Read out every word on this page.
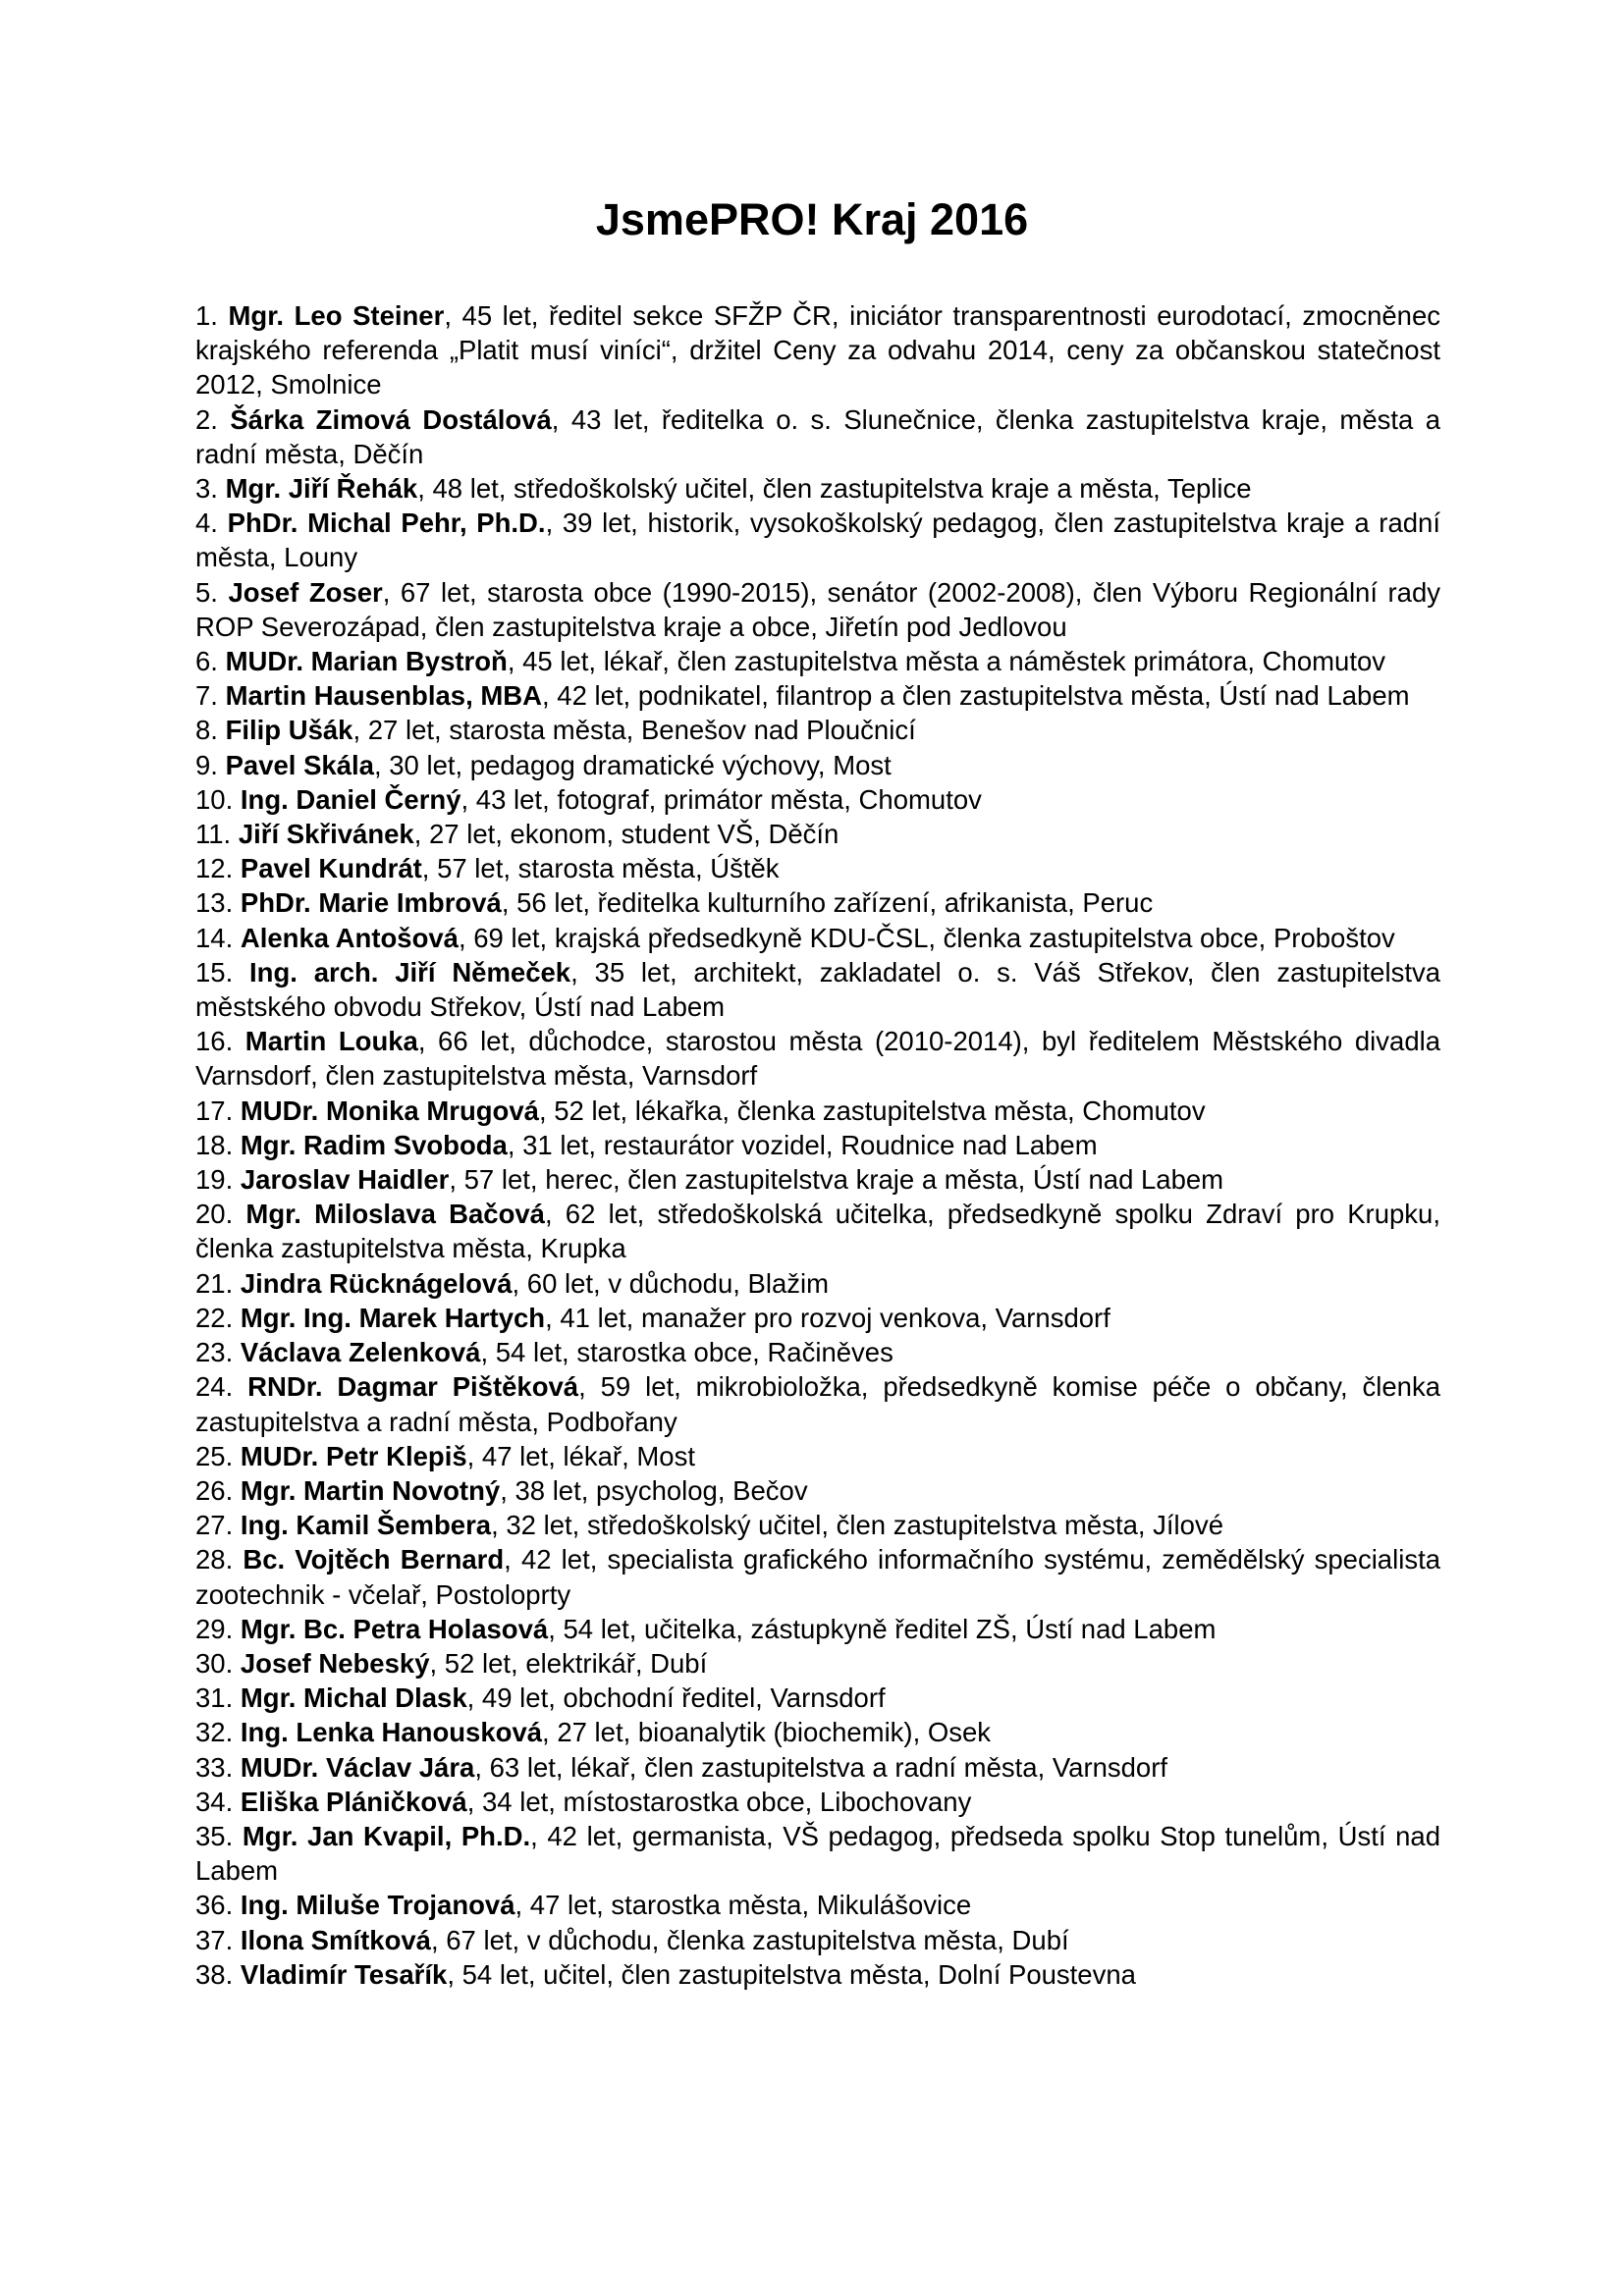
JsmePRO! Kraj 2016
1. Mgr. Leo Steiner, 45 let, ředitel sekce SFŽP ČR, iniciátor transparentnosti eurodotací, zmocněnec krajského referenda „Platit musí viníci“, držitel Ceny za odvahu 2014, ceny za občanskou statečnost 2012, Smolnice
2. Šárka Zimová Dostálová, 43 let, ředitelka o. s. Slunečnice, členka zastupitelstva kraje, města a radní města, Děčín
3. Mgr. Jiří Řehák, 48 let, středoškolský učitel, člen zastupitelstva kraje a města, Teplice
4. PhDr. Michal Pehr, Ph.D., 39 let, historik, vysokoškolský pedagog, člen zastupitelstva kraje a radní města, Louny
5. Josef Zoser, 67 let, starosta obce (1990-2015), senátor (2002-2008), člen Výboru Regionální rady ROP Severozápad, člen zastupitelstva kraje a obce, Jiřetín pod Jedlovou
6. MUDr. Marian Bystroň, 45 let, lékař, člen zastupitelstva města a náměstek primátora, Chomutov
7. Martin Hausenblas, MBA, 42 let, podnikatel, filantrop a člen zastupitelstva města, Ústí nad Labem
8. Filip Ušák, 27 let, starosta města, Benešov nad Ploučnicí
9. Pavel Skála, 30 let, pedagog dramatické výchovy, Most
10. Ing. Daniel Černý, 43 let, fotograf, primátor města, Chomutov
11. Jiří Skřivánek, 27 let, ekonom, student VŠ, Děčín
12. Pavel Kundrát, 57 let, starosta města, Úštěk
13. PhDr. Marie Imbrová, 56 let, ředitelka kulturního zařízení, afrikanista, Peruc
14. Alenka Antošová, 69 let, krajská předsedkyně KDU-ČSL, členka zastupitelstva obce, Proboštov
15. Ing. arch. Jiří Němeček, 35 let, architekt, zakladatel o. s. Váš Střekov, člen zastupitelstva městského obvodu Střekov, Ústí nad Labem
16. Martin Louka, 66 let, důchodce, starostou města (2010-2014), byl ředitelem Městského divadla Varnsdorf, člen zastupitelstva města, Varnsdorf
17. MUDr. Monika Mrugová, 52 let, lékařka, členka zastupitelstva města, Chomutov
18. Mgr. Radim Svoboda, 31 let, restaurátor vozidel, Roudnice nad Labem
19. Jaroslav Haidler, 57 let, herec, člen zastupitelstva kraje a města, Ústí nad Labem
20. Mgr. Miloslava Bačová, 62 let, středoškolská učitelka, předsedkyně spolku Zdraví pro Krupku, členka zastupitelstva města, Krupka
21. Jindra Rücknágelová, 60 let, v důchodu, Blažim
22. Mgr. Ing. Marek Hartych, 41 let, manažer pro rozvoj venkova, Varnsdorf
23. Václava Zelenková, 54 let, starostka obce, Račiněves
24. RNDr. Dagmar Pištěková, 59 let, mikrobioložka, předsedkyně komise péče o občany, členka zastupitelstva a radní města, Podbořany
25. MUDr. Petr Klepiš, 47 let, lékař, Most
26. Mgr. Martin Novotný, 38 let, psycholog, Bečov
27. Ing. Kamil Šembera, 32 let, středoškolský učitel, člen zastupitelstva města, Jílové
28. Bc. Vojtěch Bernard, 42 let, specialista grafického informačního systému, zemědělský specialista zootechnik - včelař, Postoloprty
29. Mgr. Bc. Petra Holasová, 54 let, učitelka, zástupkyně ředitel ZŠ, Ústí nad Labem
30. Josef Nebeský, 52 let, elektrikář, Dubí
31. Mgr. Michal Dlask, 49 let, obchodní ředitel, Varnsdorf
32. Ing. Lenka Hanousková, 27 let, bioanalytik (biochemik), Osek
33. MUDr. Václav Jára, 63 let, lékař, člen zastupitelstva a radní města, Varnsdorf
34. Eliška Pláničková, 34 let, místostarostka obce, Libochovany
35. Mgr. Jan Kvapil, Ph.D., 42 let, germanista, VŠ pedagog, předseda spolku Stop tunelům, Ústí nad Labem
36. Ing. Miluše Trojanová, 47 let, starostka města, Mikulášovice
37. Ilona Smítková, 67 let, v důchodu, členka zastupitelstva města, Dubí
38. Vladimír Tesařík, 54 let, učitel, člen zastupitelstva města, Dolní Poustevna
